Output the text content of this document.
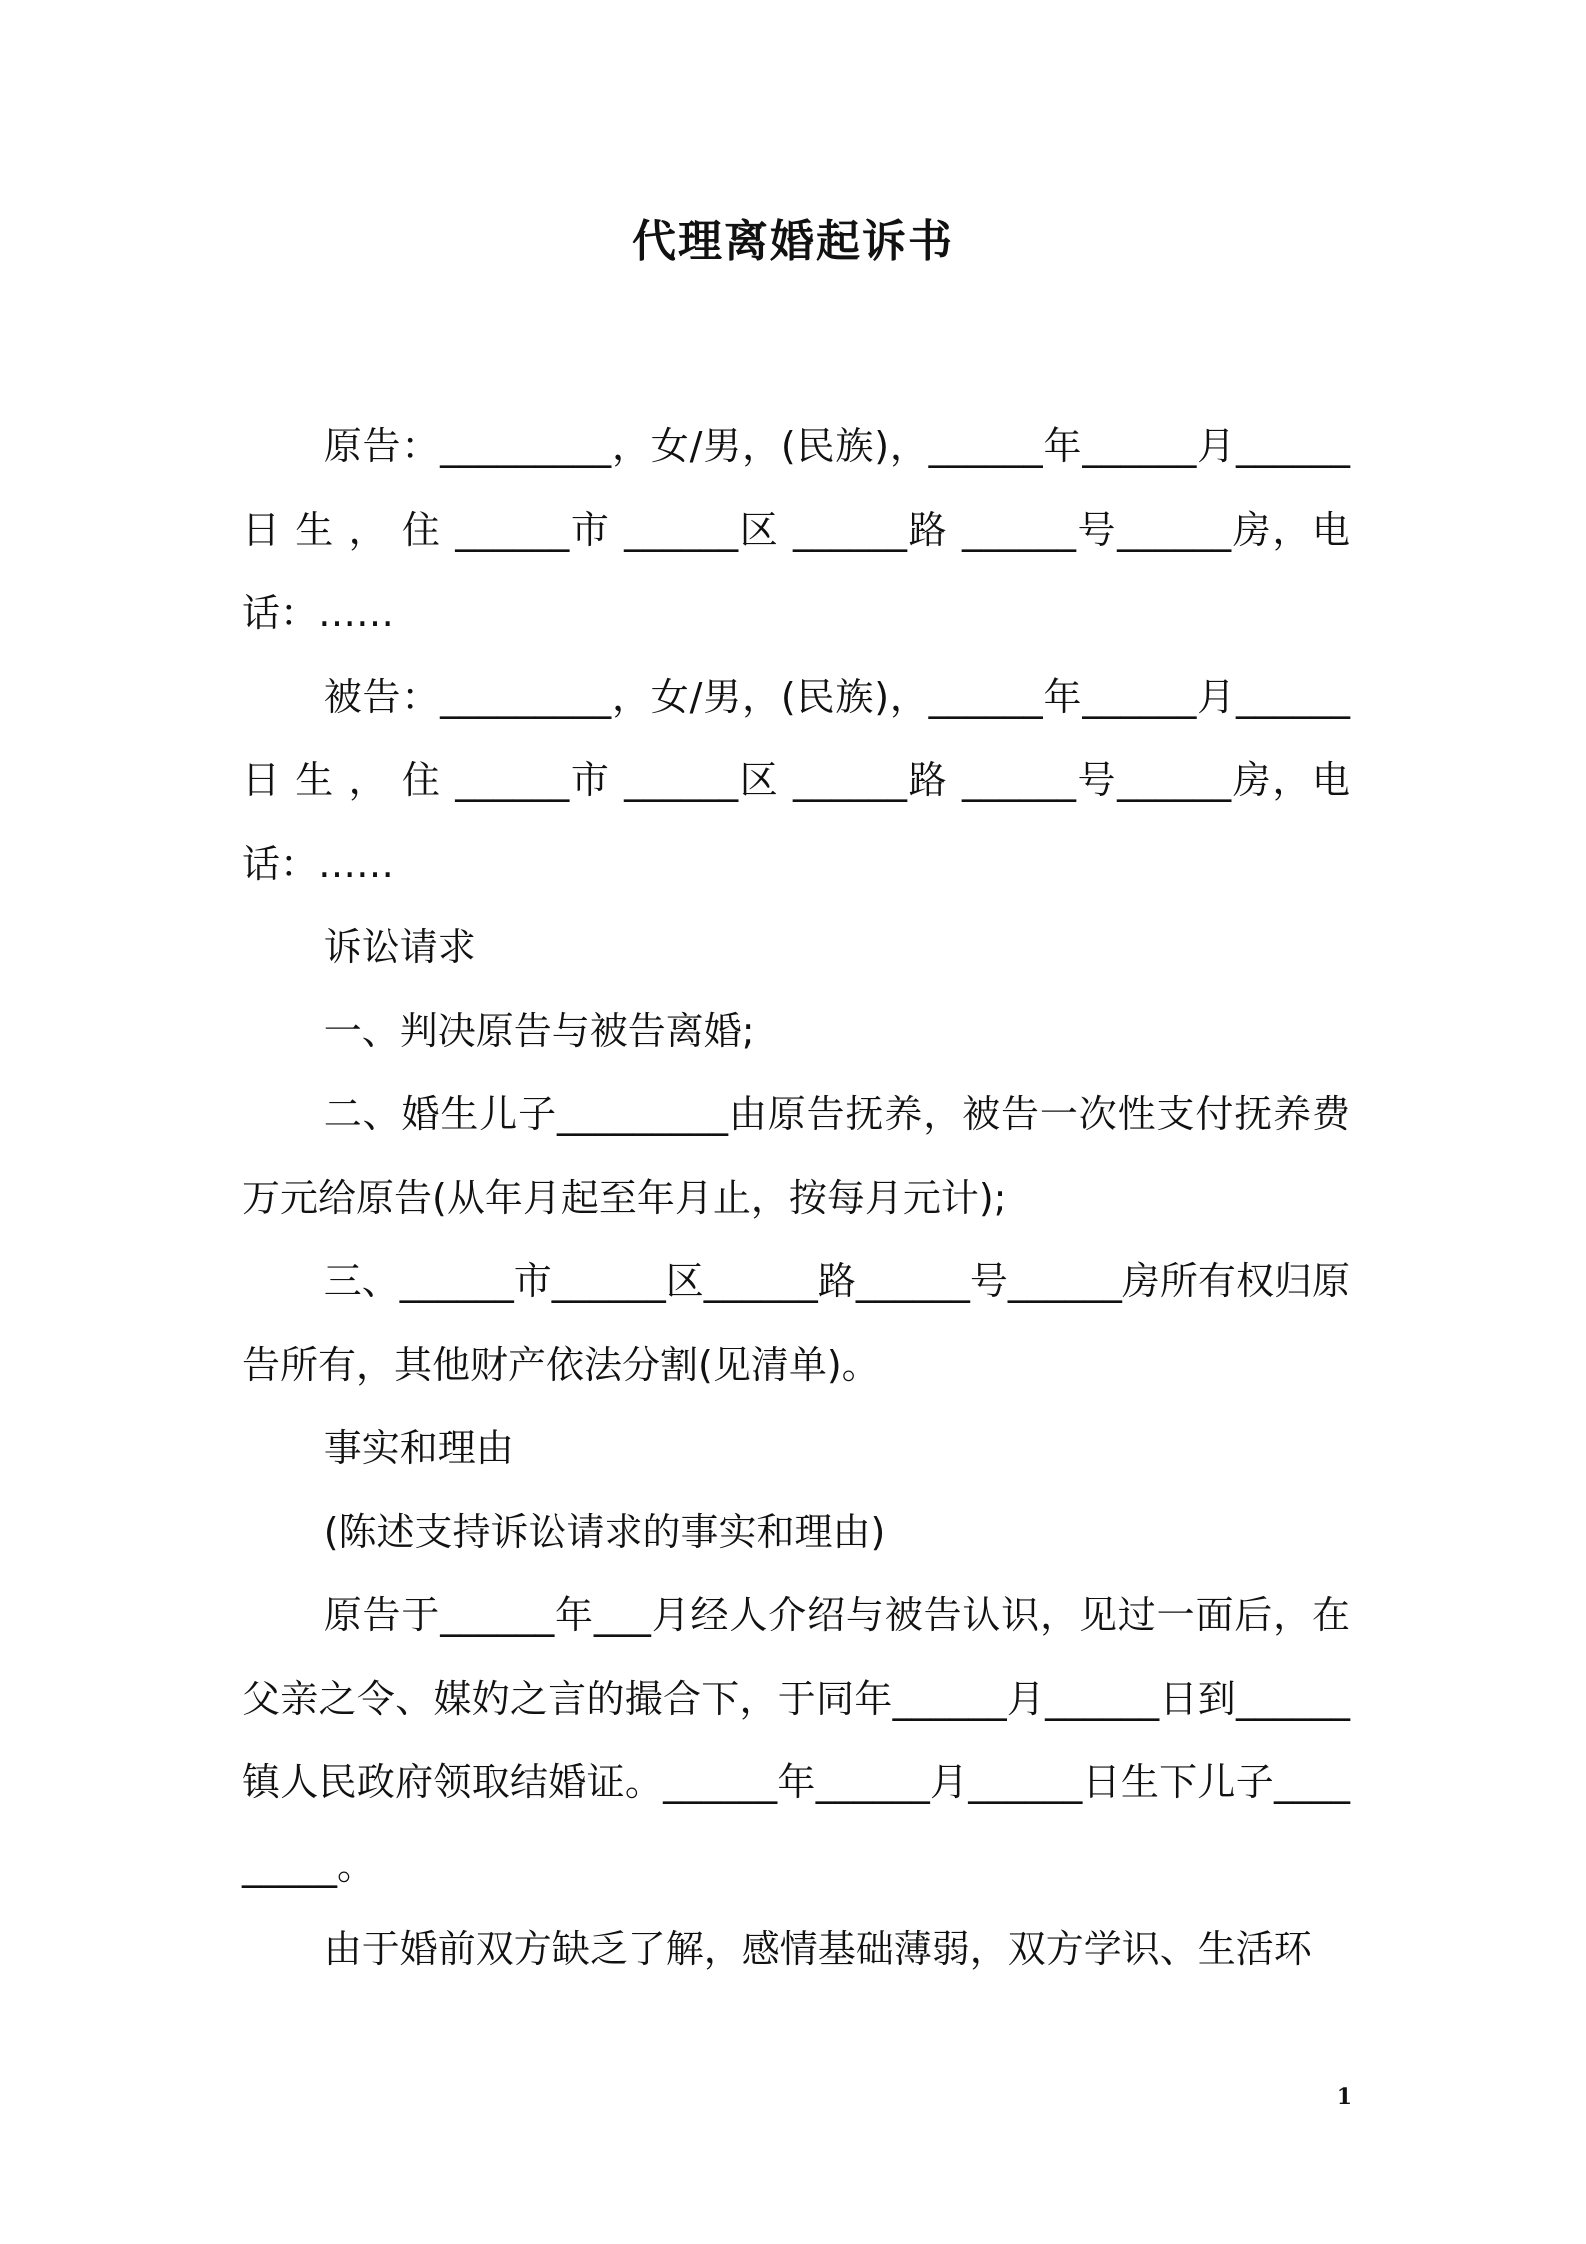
代理离婚起诉书

原告：_________，女/男，(民族)，______年______月______日 生 ， 住 ______市 ______区 ______路 ______号______房，电话：……

被告：_________，女/男，(民族)，______年______月______日 生 ， 住 ______市 ______区 ______路 ______号______房，电话：……

诉讼请求

一、判决原告与被告离婚;

二、婚生儿子_________由原告抚养，被告一次性支付抚养费万元给原告(从年月起至年月止，按每月元计);

三、______市______区______路______号______房所有权归原告所有，其他财产依法分割(见清单)。

事实和理由

(陈述支持诉讼请求的事实和理由)

原告于______年___月经人介绍与被告认识，见过一面后，在父亲之令、媒妁之言的撮合下，于同年______月______日到______镇人民政府领取结婚证。______年______月______日生下儿子_________。

由于婚前双方缺乏了解，感情基础薄弱，双方学识、生活环

1
